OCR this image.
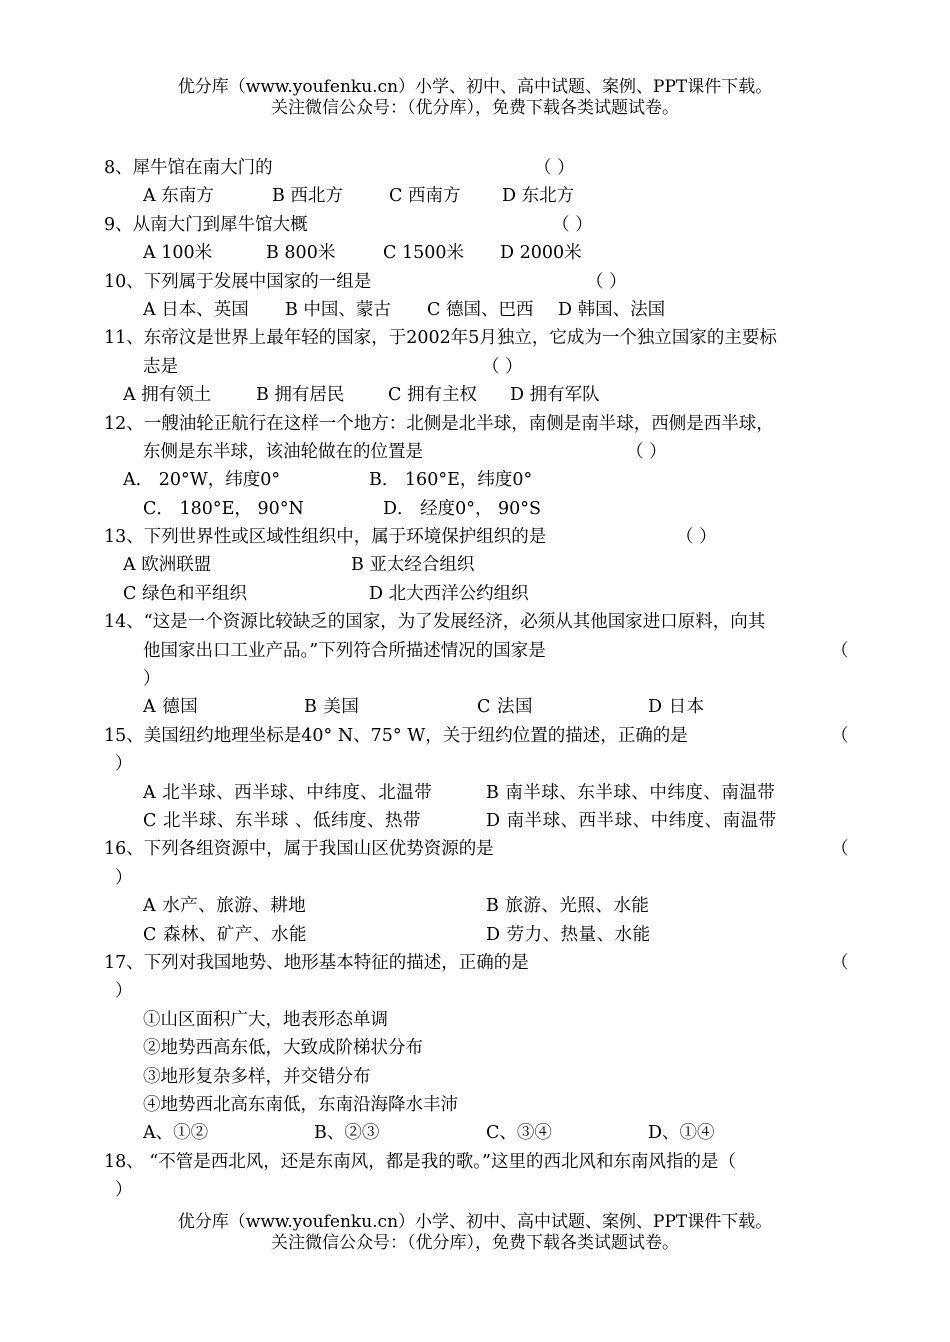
优分库（www.youfenku.cn）小学、初中、高中试题、案例、PPT课件下载。
关注微信公众号：（优分库），免费下载各类试题试卷。
8、犀牛馆在南大门的	（ ）
A 东南方	B 西北方	C 西南方 D 东北方
9、从南大门到犀牛馆大概	（ ）
A 100米	B 800米	C 1500米 D 2000米
10、下列属于发展中国家的一组是	（ ）
A 日本、英国 B 中国、蒙古 C 德国、巴西 D 韩国、法国
11、东帝汶是世界上最年轻的国家，于2002年5月独立，它成为一个独立国家的主要标
志是	（ ）
A 拥有领土	B 拥有居民 C 拥有主权 D 拥有军队
12、一艘油轮正航行在这样一个地方：北侧是北半球，南侧是南半球，西侧是西半球，
东侧是东半球，该油轮做在的位置是	（ ）
A． 20°W，纬度0°	B． 160°E，纬度0°
C． 180°E， 90°N	D． 经度0°， 90°S
13、下列世界性或区域性组织中，属于环境保护组织的是	（ ）
A 欧洲联盟	B 亚太经合组织
C 绿色和平组织	D 北大西洋公约组织
14、“这是一个资源比较缺乏的国家，为了发展经济，必须从其他国家进口原料，向其
他国家出口工业产品。”下列符合所描述情况的国家是	（
）
A 德国	B 美国	C 法国	D 日本
15、美国纽约地理坐标是40° N、75° W，关于纽约位置的描述，正确的是	（
）
A 北半球、西半球、中纬度、北温带	B 南半球、东半球、中纬度、南温带
C 北半球、东半球 、低纬度、热带	D 南半球、西半球、中纬度、南温带
16、下列各组资源中，属于我国山区优势资源的是	（
）
A 水产、旅游、耕地	B 旅游、光照、水能
C 森林、矿产、水能	D 劳力、热量、水能
17、下列对我国地势、地形基本特征的描述，正确的是	（
）
①山区面积广大，地表形态单调
②地势西高东低，大致成阶梯状分布
③地形复杂多样，并交错分布
④地势西北高东南低，东南沿海降水丰沛
A、①②	B、②③	C、③④	D、①④
18、 “不管是西北风，还是东南风，都是我的歌。”这里的西北风和东南风指的是（
）
优分库（www.youfenku.cn）小学、初中、高中试题、案例、PPT课件下载。
关注微信公众号：（优分库），免费下载各类试题试卷。
